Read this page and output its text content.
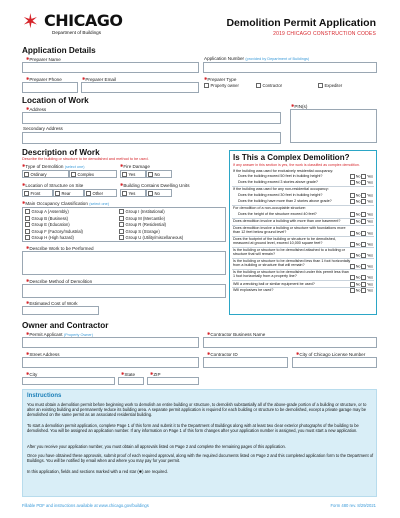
✶ CHICAGO
Department of Buildings
Demolition Permit Application
2019 CHICAGO CONSTRUCTION CODES
Application Details
✱ Preparer Name	Application Number (provided by Department of Buildings)
✱ Preparer Phone	✱ Preparer Email	✱ Preparer Type
Property owner	Contractor	Expediter
Location of Work
✱ Address
✱ PIN(s)
Secondary Address
Description of Work
Describe the building or structure to be demolished and method to be used.
✱ Type of Demolition (select one)
Ordinary	Complex
✱ Fire Damage
Yes	No
✱ Location of Structure on Site
Front	Rear	Other
✱ Building Contains Dwelling Units
Yes	No
✱ Main Occupancy Classification (select one)
Group A (Assembly)
Group B (Business)
Group E (Education)
Group F (Factory/Industrial)
Group H (High hazard)
Group I (Institutional)
Group M (Mercantile)
Group R (Residential)
Group S (Storage)
Group U (Utility/miscellaneous)
✱ Describe Work to be Performed
✱ Describe Method of Demolition
✱ Estimated Cost of Work
Is This a Complex Demolition?
If any answer in this section is yes, the work is classified as complex demolition.
If the building was used for exclusively residential occupancy:
Does the building exceed 50 feet in building height?	No Yes
Does the building exceed 3 stories above grade?	No Yes
If the building was used for any non-residential occupancy:
Does the building exceed 30 feet in building height?	No Yes
Does the building have more than 2 stories above grade?	No Yes
For demolition of a non-occupiable structure:
Does the height of the structure exceed 40 feet?	No Yes
Does demolition involve a building with more than one basement?	No Yes
Does demolition involve a building or structure with foundations more than 12 feet below ground level?	No Yes
Does the footprint of the building or structure to be demolished, measured at ground level, exceed 10,000 square feet?	No Yes
Is the building or structure to be demolished attached to a building or structure that will remain?	No Yes
Is the building or structure to be demolished less than 1 foot horizontally from a building or structure that will remain?	No Yes
Is the building or structure to be demolished under this permit less than 1 foot horizontally from a property line?	No Yes
Will a wrecking ball or similar equipment be used?	No Yes
Will explosives be used?	No Yes
Owner and Contractor
✱ Permit Applicant (Property Owner)	✱ Contractor Business Name
✱ Street Address	✱ Contractor ID	✱ City of Chicago License Number
✱ City	✱ State	✱ ZIP
Instructions
You must obtain a demolition permit before beginning work to demolish an entire building or structure, to demolish substantially all of the above-grade portion of a building or structure, or to alter an existing building and permanently reduce its building area. A separate permit application is required for each building or structure to be demolished, except a private garage may be demolished on the same permit as an associated residential building.
To start a demolition permit application, complete Page 1 of this form and submit it to the Department of Buildings along with at least two clear exterior photographs of the building to be demolished. You will be assigned an application number. If any information on Page 1 of this form changes after your application number is assigned, you must start a new application.
After you receive your application number, you must obtain all approvals listed on Page 2 and complete the remaining pages of this application.
Once you have obtained these approvals, submit proof of each required approval, along with the required documents listed on Page 2 and this completed application form to the Department of Buildings. You will be notified by email when and where you may pay for your permit.
In this application, fields and sections marked with a red star (✱) are required.
Fillable PDF and instructions available at www.chicago.gov/buildings	Form 480 rev. 8/29/2021
